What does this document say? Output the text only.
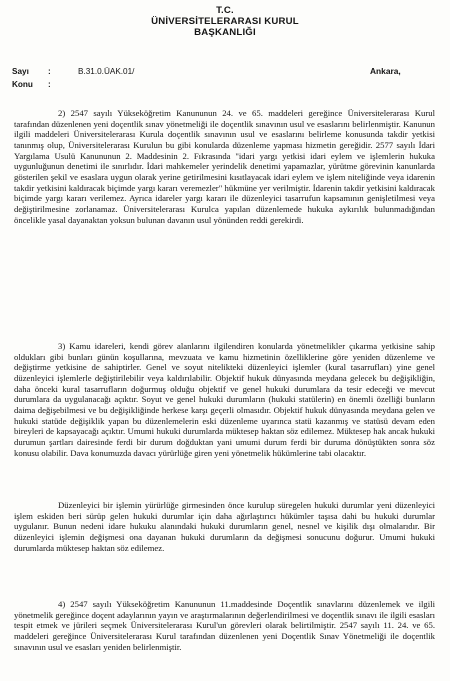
T.C.
ÜNİVERSİTELERARASI KURUL
BAŞKANLIĞI
Sayı :	B.31.0.ÜAK.01/
Konu :
Ankara,
2) 2547 sayılı Yükseköğretim Kanununun 24. ve 65. maddeleri gereğince Üniversitelerarası Kurul tarafından düzenlenen yeni doçentlik sınav yönetmeliği ile doçentlik sınavının usul ve esaslarını belirlenmiştir. Kanunun ilgili maddeleri Üniversitelerarası Kurula doçentlik sınavının usul ve esaslarını belirleme konusunda takdir yetkisi tanınmış olup, Üniversitelerarası Kurulun bu gibi konularda düzenleme yapması hizmetin gereğidir. 2577 sayılı İdari Yargılama Usulü Kanununun 2. Maddesinin 2. Fıkrasında "idari yargı yetkisi idari eylem ve işlemlerin hukuka uygunluğunun denetimi ile sınırlıdır. İdari mahkemeler yerindelik denetimi yapamazlar, yürütme görevinin kanunlarda gösterilen şekil ve esaslara uygun olarak yerine getirilmesini kısıtlayacak idari eylem ve işlem niteliğinde veya idarenin takdir yetkisini kaldıracak biçimde yargı kararı veremezler" hükmüne yer verilmiştir. İdarenin takdir yetkisini kaldıracak biçimde yargı kararı verilemez. Ayrıca idareler yargı kararı ile düzenleyici tasarrufun kapsamının genişletilmesi veya değiştirilmesine zorlanamaz. Üniversitelerarası Kurulca yapılan düzenlemede hukuka aykırılık bulunmadığından öncelikle yasal dayanaktan yoksun bulunan davanın usul yönünden reddi gerekirdi.
3) Kamu idareleri, kendi görev alanlarını ilgilendiren konularda yönetmelikler çıkarma yetkisine sahip oldukları gibi bunları günün koşullarına, mevzuata ve kamu hizmetinin özelliklerine göre yeniden düzenleme ve değiştirme yetkisine de sahiptirler. Genel ve soyut nitelikteki düzenleyici işlemler (kural tasarrufları) yine genel düzenleyici işlemlerle değiştirilebilir veya kaldırılabilir. Objektif hukuk dünyasında meydana gelecek bu değişikliğin, daha önceki kural tasarrufların doğurmuş olduğu objektif ve genel hukuki durumlara da tesir edeceği ve mevcut durumlara da uygulanacağı açıktır. Soyut ve genel hukuki durumların (hukuki statülerin) en önemli özelliği bunların daima değişebilmesi ve bu değişikliğinde herkese karşı geçerli olmasıdır. Objektif hukuk dünyasında meydana gelen ve hukuki statüde değişiklik yapan bu düzenlemelerin eski düzenleme uyarınca statü kazanmış ve statüsü devam eden bireyleri de kapsayacağı açıktır. Umumi hukuki durumlarda müktesep haktan söz edilemez. Müktesep hak ancak hukuki durumun şartları dairesinde ferdi bir durum doğduktan yani umumi durum ferdi bir duruma dönüştükten sonra söz konusu olabilir. Dava konumuzda davacı yürürlüğe giren yeni yönetmelik hükümlerine tabi olacaktır.
Düzenleyici bir işlemin yürürlüğe girmesinden önce kurulup süregelen hukuki durumlar yeni düzenleyici işlem eskiden beri sürüp gelen hukuki durumlar için daha ağırlaştırıcı hükümler taşısa dahi bu hukuki durumlar uygulanır. Bunun nedeni idare hukuku alanındaki hukuki durumların genel, nesnel ve kişilik dışı olmalarıdır. Bir düzenleyici işlemin değişmesi ona dayanan hukuki durumların da değişmesi sonucunu doğurur. Umumi hukuki durumlarda müktesep haktan söz edilemez.
4) 2547 sayılı Yükseköğretim Kanununun 11.maddesinde Doçentlik sınavlarını düzenlemek ve ilgili yönetmelik gereğince doçent adaylarının yayın ve araştırmalarının değerlendirilmesi ve doçentlik sınavı ile ilgili esasları tespit etmek ve jürileri seçmek Üniversitelerarası Kurul'un görevleri olarak belirtilmiştir. 2547 sayılı 11. 24. ve 65. maddeleri gereğince Üniversitelerarası Kurul tarafından düzenlenen yeni Doçentlik Sınav Yönetmeliği ile doçentlik sınavının usul ve esasları yeniden belirlenmiştir.
